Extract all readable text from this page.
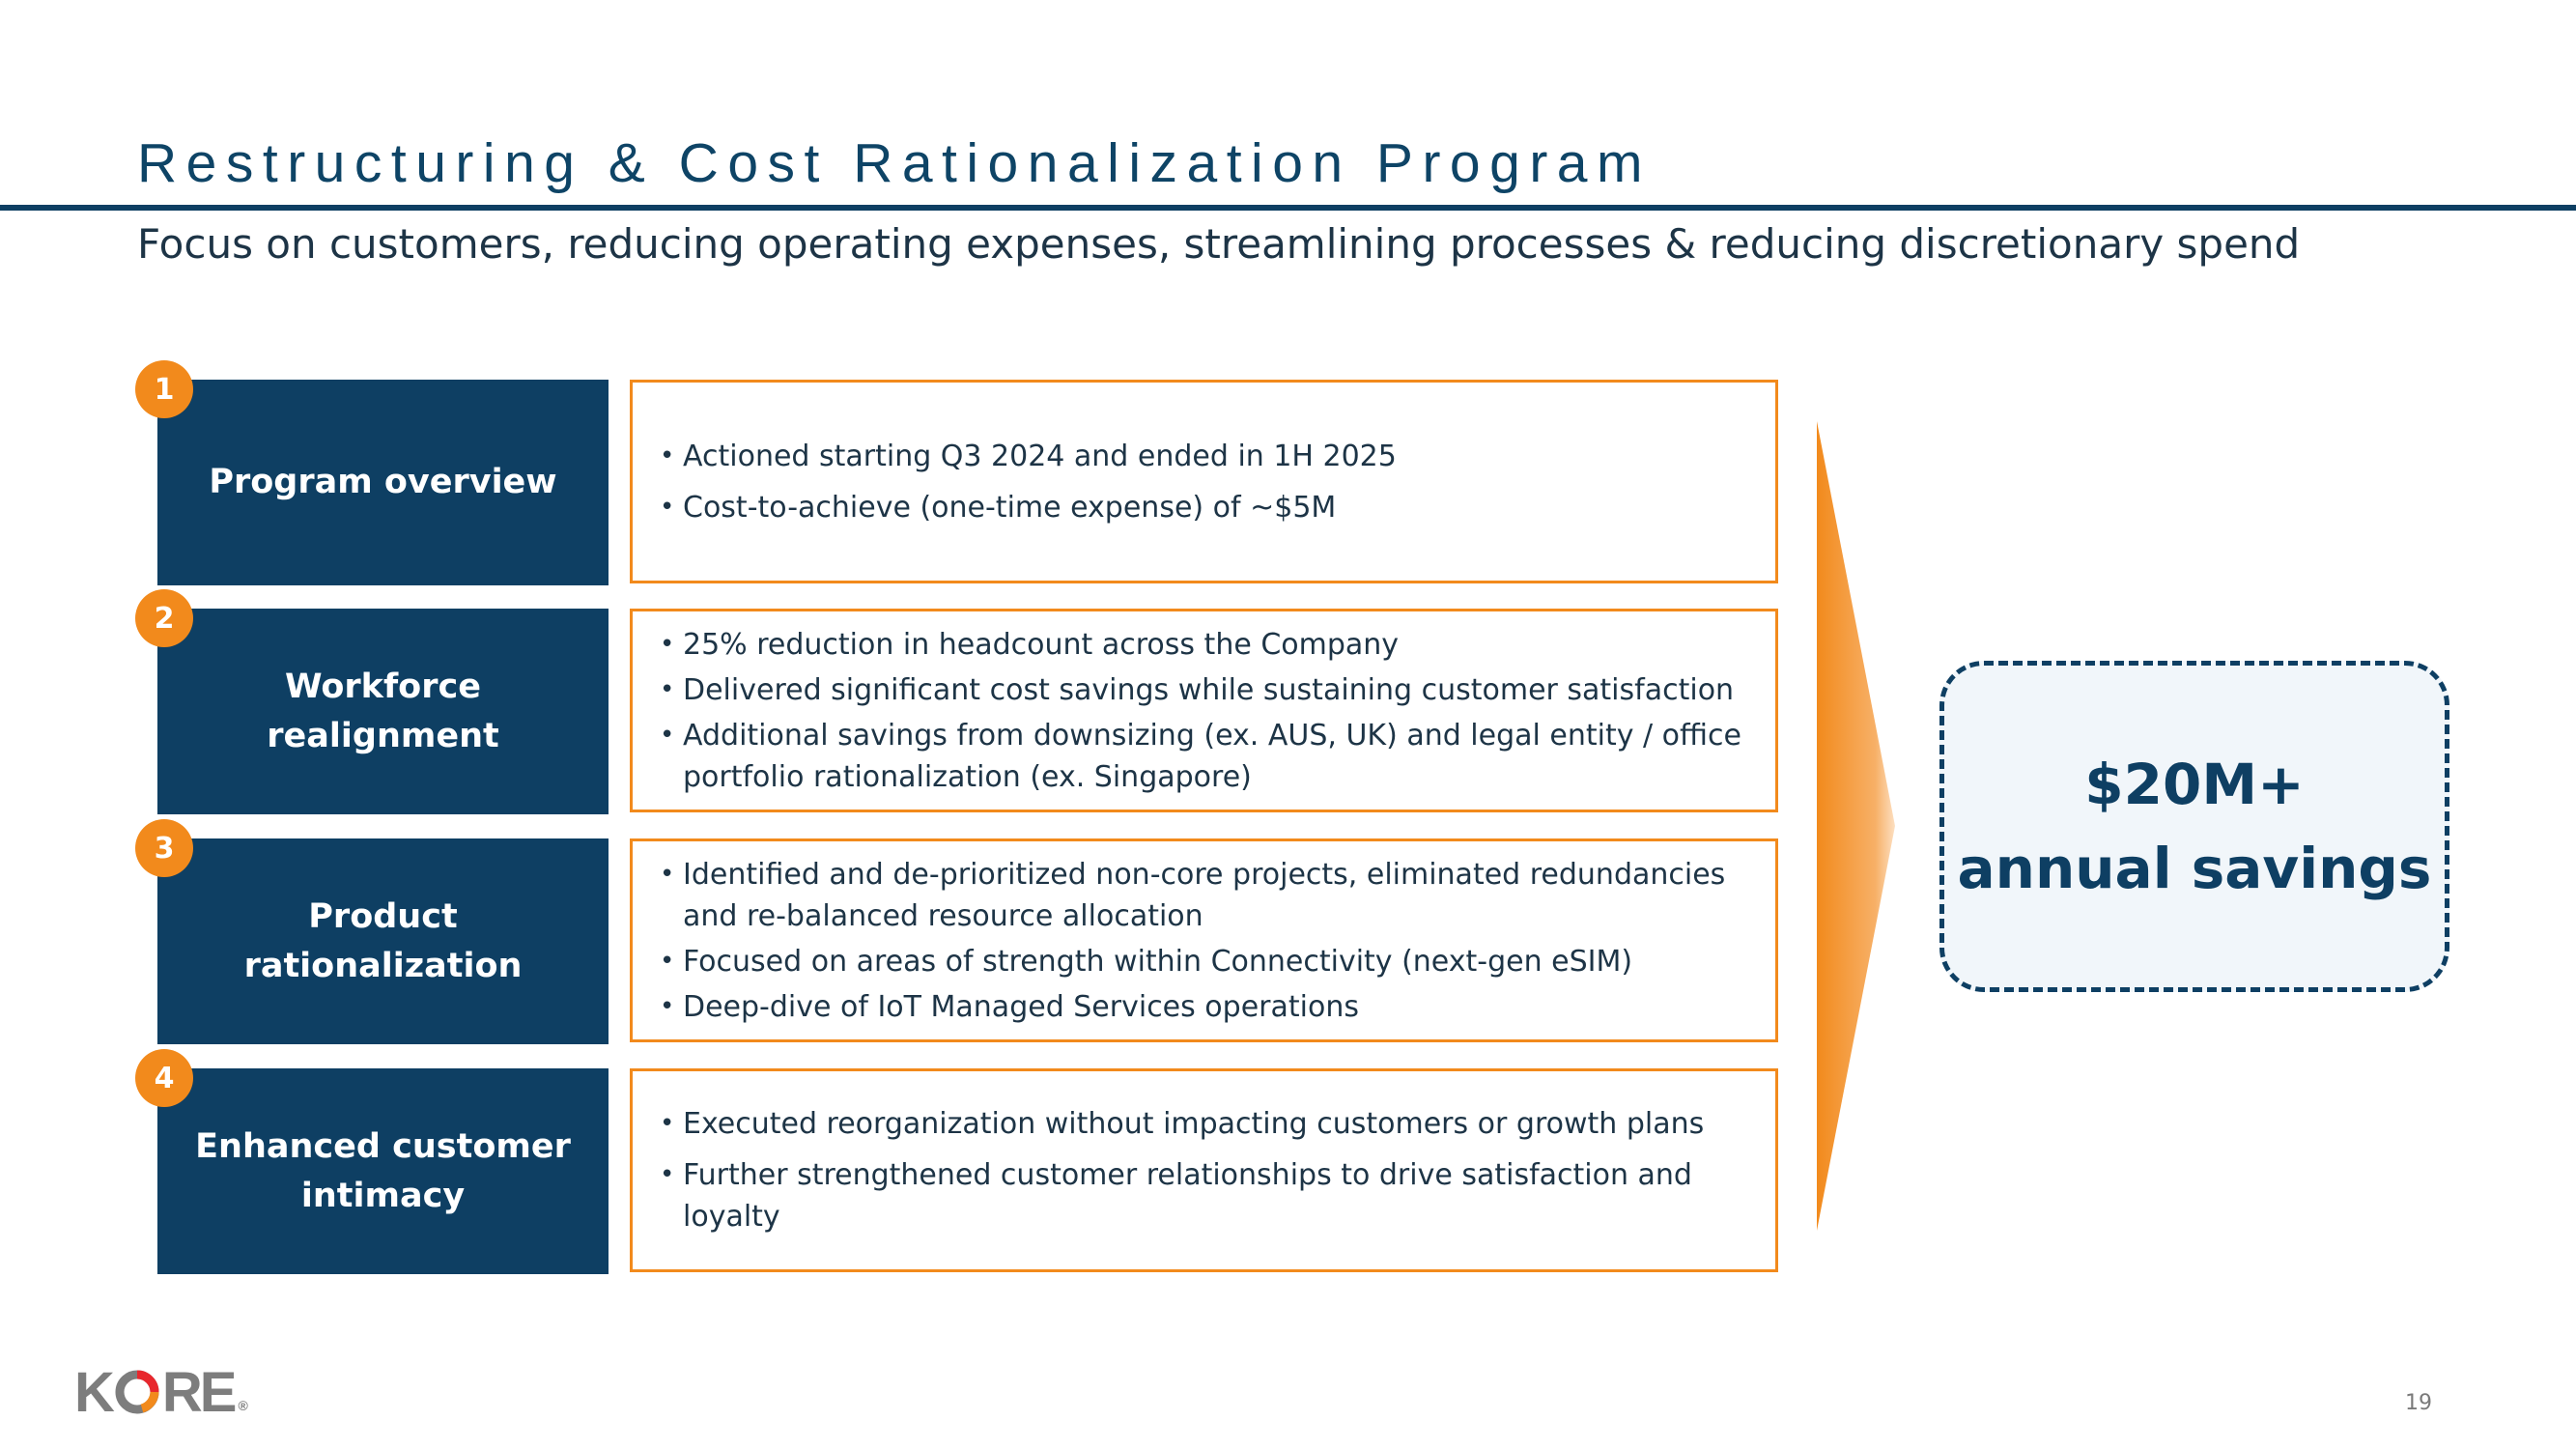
Restructuring & Cost Rationalization Program
Focus on customers, reducing operating expenses, streamlining processes & reducing discretionary spend
Program overview
1
• Actioned starting Q3 2024 and ended in 1H 2025
• Cost-to-achieve (one-time expense) of ~$5M
Workforce realignment
2
• 25% reduction in headcount across the Company
• Delivered significant cost savings while sustaining customer satisfaction
• Additional savings from downsizing (ex. AUS, UK) and legal entity / office portfolio rationalization (ex. Singapore)
Product rationalization
3
• Identified and de-prioritized non-core projects, eliminated redundancies and re-balanced resource allocation
• Focused on areas of strength within Connectivity (next-gen eSIM)
• Deep-dive of IoT Managed Services operations
Enhanced customer intimacy
4
• Executed reorganization without impacting customers or growth plans
• Further strengthened customer relationships to drive satisfaction and loyalty
$20M+
annual savings
K RE ®	19
